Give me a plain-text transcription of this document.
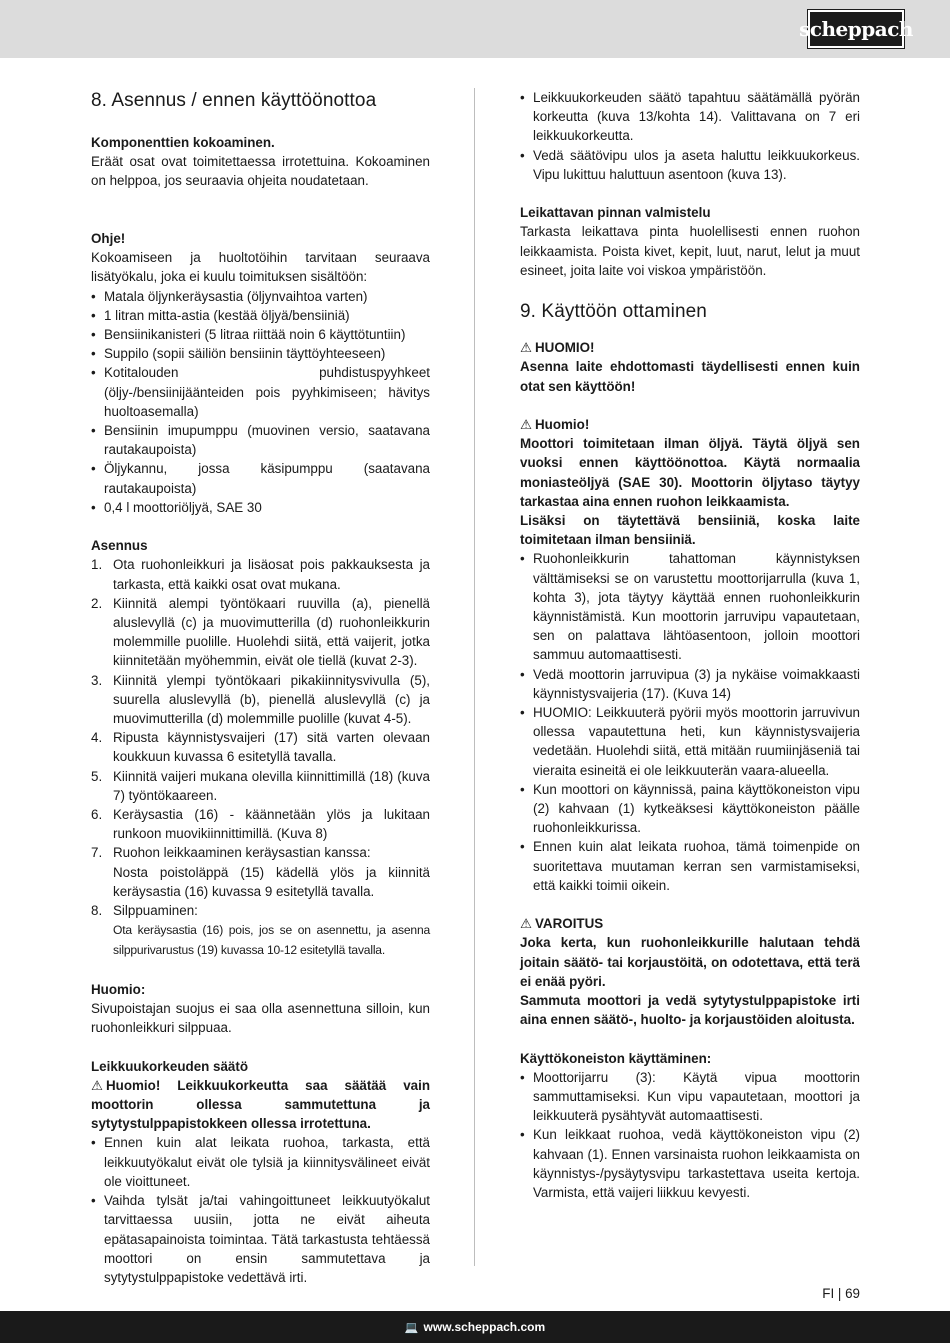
scheppach
8. Asennus / ennen käyttöönottoa

Komponenttien kokoaminen.

Eräät osat ovat toimitettaessa irrotettuina. Kokoaminen on helppoa, jos seuraavia ohjeita noudatetaan.

Ohje!

Kokoamiseen ja huoltotöihin tarvitaan seuraava lisätyökalu, joka ei kuulu toimituksen sisältöön:

• Matala öljynkeräysastia (öljynvaihtoa varten)
• 1 litran mitta-astia (kestää öljyä/bensiiniä)
• Bensiinikanisteri (5 litraa riittää noin 6 käyttötuntiin)
• Suppilo (sopii säiliön bensiinin täyttöyhteeseen)
• Kotitalouden puhdistuspyyhkeet (öljy-/bensiinijäänteiden pois pyyhkimiseen; hävitys huoltoasemalla)
• Bensiinin imupumppu (muovinen versio, saatavana rautakaupoista)
• Öljykannu, jossa käsipumppu (saatavana rautakaupoista)
• 0,4 l moottoriöljyä, SAE 30

Asennus

1. Ota ruohonleikkuri ja lisäosat pois pakkauksesta ja tarkasta, että kaikki osat ovat mukana.
2. Kiinnitä alempi työntökaari ruuvilla (a), pienellä aluslevyllä (c) ja muovimutterilla (d) ruohonleikkurin molemmille puolille. Huolehdi siitä, että vaijerit, jotka kiinnitetään myöhemmin, eivät ole tiellä (kuvat 2-3).
3. Kiinnitä ylempi työntökaari pikakiinnitysvivulla (5), suurella aluslevyllä (b), pienellä aluslevyllä (c) ja muovimutterilla (d) molemmille puolille (kuvat 4-5).
4. Ripusta käynnistysvaijeri (17) sitä varten olevaan koukkuun kuvassa 6 esitetyllä tavalla.
5. Kiinnitä vaijeri mukana olevilla kiinnittimillä (18) (kuva 7) työntökaareen.
6. Keräysastia (16) - käännetään ylös ja lukitaan runkoon muovikiinnittimillä. (Kuva 8)
7. Ruohon leikkaaminen keräysastian kanssa:
Nosta poistoläppä (15) kädellä ylös ja kiinnitä keräysastia (16) kuvassa 9 esitetyllä tavalla.
8. Silppuaminen:
Ota keräysastia (16) pois, jos se on asennettu, ja asenna silppurivarustus (19) kuvassa 10-12 esitetyllä tavalla.

Huomio:

Sivupoistajan suojus ei saa olla asennettuna silloin, kun ruohonleikkuri silppuaa.

Leikkuukorkeuden säätö

⚠ Huomio! Leikkuukorkeutta saa säätää vain moottorin ollessa sammutettuna ja sytytystulppapistokkeen ollessa irrotettuna.

• Ennen kuin alat leikata ruohoa, tarkasta, että leikkuutyökalut eivät ole tylsiä ja kiinnitysvälineet eivät ole vioittuneet.
• Vaihda tylsät ja/tai vahingoittuneet leikkuutyökalut tarvittaessa uusiin, jotta ne eivät aiheuta epätasapainoista toimintaa. Tätä tarkastusta tehtäessä moottori on ensin sammutettava ja sytytystulppapistoke vedettävä irti.
• Leikkuukorkeuden säätö tapahtuu säätämällä pyörän korkeutta (kuva 13/kohta 14). Valittavana on 7 eri leikkuukorkeutta.
• Vedä säätövipu ulos ja aseta haluttu leikkuukorkeus. Vipu lukittuu haluttuun asentoon (kuva 13).

Leikattavan pinnan valmistelu

Tarkasta leikattava pinta huolellisesti ennen ruohon leikkaamista. Poista kivet, kepit, luut, narut, lelut ja muut esineet, joita laite voi viskoa ympäristöön.

9. Käyttöön ottaminen

⚠ HUOMIO!

Asenna laite ehdottomasti täydellisesti ennen kuin otat sen käyttöön!

⚠ Huomio!

Moottori toimitetaan ilman öljyä. Täytä öljyä sen vuoksi ennen käyttöönottoa. Käytä normaalia moniasteöljyä (SAE 30). Moottorin öljytaso täytyy tarkastaa aina ennen ruohon leikkaamista.

Lisäksi on täytettävä bensiiniä, koska laite toimitetaan ilman bensiiniä.

• Ruohonleikkurin tahattoman käynnistyksen välttämiseksi se on varustettu moottorijarrulla (kuva 1, kohta 3), jota täytyy käyttää ennen ruohonleikkurin käynnistämistä. Kun moottorin jarruvipu vapautetaan, sen on palattava lähtöasentoon, jolloin moottori sammuu automaattisesti.
• Vedä moottorin jarruvipua (3) ja nykäise voimakkaasti käynnistysvaijeria (17). (Kuva 14)
• HUOMIO: Leikkuuterä pyörii myös moottorin jarruvivun ollessa vapautettuna heti, kun käynnistysvaijeria vedetään. Huolehdi siitä, että mitään ruumiinjäseniä tai vieraita esineitä ei ole leikkuuterän vaara-alueella.
• Kun moottori on käynnissä, paina käyttökoneiston vipu (2) kahvaan (1) kytkeäksesi käyttökoneiston päälle ruohonleikkurissa.
• Ennen kuin alat leikata ruohoa, tämä toimenpide on suoritettava muutaman kerran sen varmistamiseksi, että kaikki toimii oikein.

⚠ VAROITUS

Joka kerta, kun ruohonleikkurille halutaan tehdä joitain säätö- tai korjaustöitä, on odotettava, että terä ei enää pyöri.

Sammuta moottori ja vedä sytytystulppapistoke irti aina ennen säätö-, huolto- ja korjaustöiden aloitusta.

Käyttökoneiston käyttäminen:

• Moottorijarru (3): Käytä vipua moottorin sammuttamiseksi. Kun vipu vapautetaan, moottori ja leikkuuterä pysähtyvät automaattisesti.
• Kun leikkaat ruohoa, vedä käyttökoneiston vipu (2) kahvaan (1). Ennen varsinaista ruohon leikkaamista on käynnistys-/pysäytysvipu tarkastettava useita kertoja. Varmista, että vaijeri liikkuu kevyesti.
FI | 69
💻 www.scheppach.com
